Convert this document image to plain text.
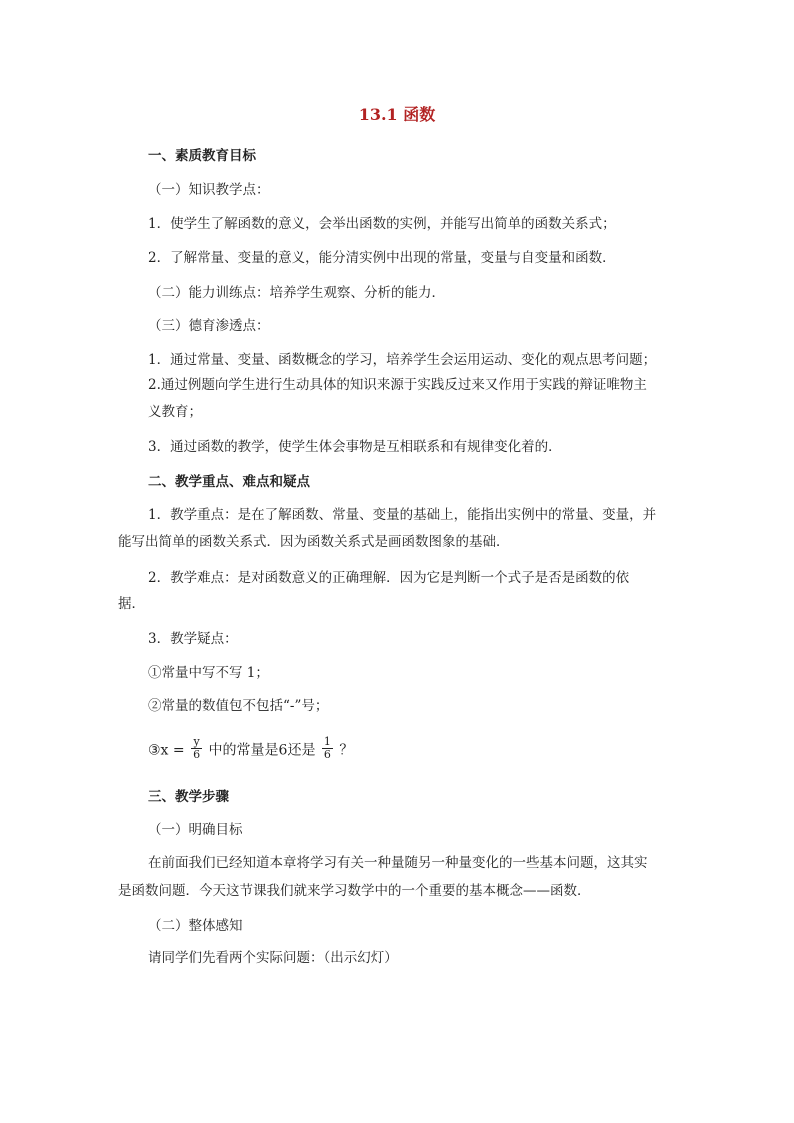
13.1 函数
一、素质教育目标
（一）知识教学点：
1．使学生了解函数的意义，会举出函数的实例，并能写出简单的函数关系式；
2．了解常量、变量的意义，能分清实例中出现的常量，变量与自变量和函数．
（二）能力训练点：培养学生观察、分析的能力．
（三）德育渗透点：
1．通过常量、变量、函数概念的学习，培养学生会运用运动、变化的观点思考问题；
2.通过例题向学生进行生动具体的知识来源于实践反过来又作用于实践的辩证唯物主
义教育；
3．通过函数的教学，使学生体会事物是互相联系和有规律变化着的．
二、教学重点、难点和疑点
1．教学重点：是在了解函数、常量、变量的基础上，能指出实例中的常量、变量，并
能写出简单的函数关系式．因为函数关系式是画函数图象的基础．
2．教学难点：是对函数意义的正确理解．因为它是判断一个式子是否是函数的依
据．
3．教学疑点：
①常量中写不写 1；
②常量的数值包不包括“-”号；
③x = $\frac{y}{6}$ 中的常量是6还是 $\frac{1}{6}$ ？
三、教学步骤
（一）明确目标
在前面我们已经知道本章将学习有关一种量随另一种量变化的一些基本问题，这其实
是函数问题．今天这节课我们就来学习数学中的一个重要的基本概念——函数．
（二）整体感知
请同学们先看两个实际问题：（出示幻灯）
